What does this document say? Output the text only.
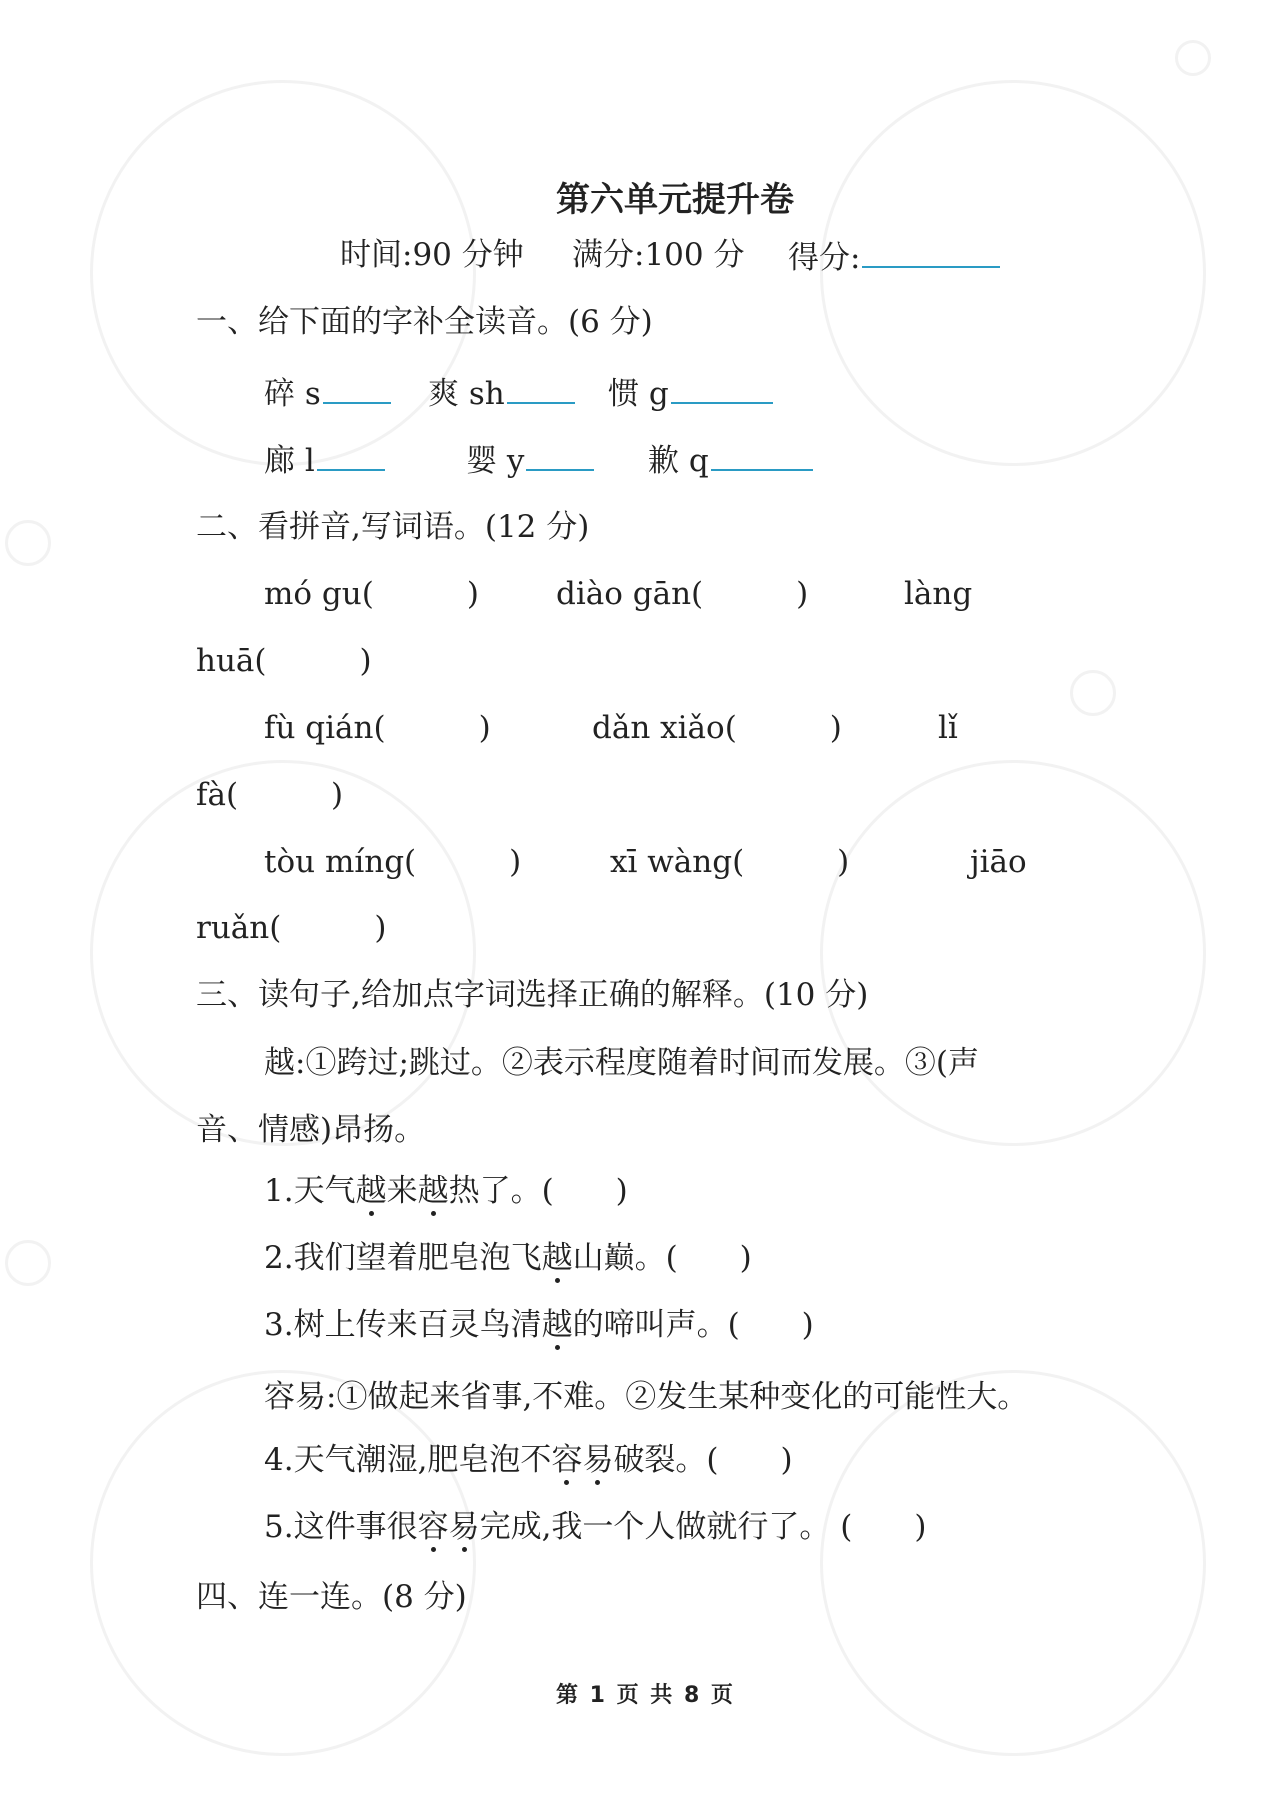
第六单元提升卷
时间:90 分钟 满分:100 分 得分:
一、给下面的字补全读音。(6 分)
碎 s	爽 sh	惯 g
廊 l	婴 y	歉 q
二、看拼音,写词语。(12 分)
mó gu(　　　) diào gān(　　　)	làng
huā(　　　)
fù qián(　　　)	dǎn xiǎo(　　　)	lǐ
fà(　　　)
tòu míng(　　　)	xī wàng(　　　)	jiāo
ruǎn(　　　)
三、读句子,给加点字词选择正确的解释。(10 分)
越:①跨过;跳过。②表示程度随着时间而发展。③(声
音、情感)昂扬。
1.天气越来越热了。(　　)
2.我们望着肥皂泡飞越山巅。(　　)
3.树上传来百灵鸟清越的啼叫声。(　　)
容易:①做起来省事,不难。②发生某种变化的可能性大。
4.天气潮湿,肥皂泡不容易破裂。(　　)
5.这件事很容易完成,我一个人做就行了。 (　　)
四、连一连。(8 分)
第 1 页 共 8 页
